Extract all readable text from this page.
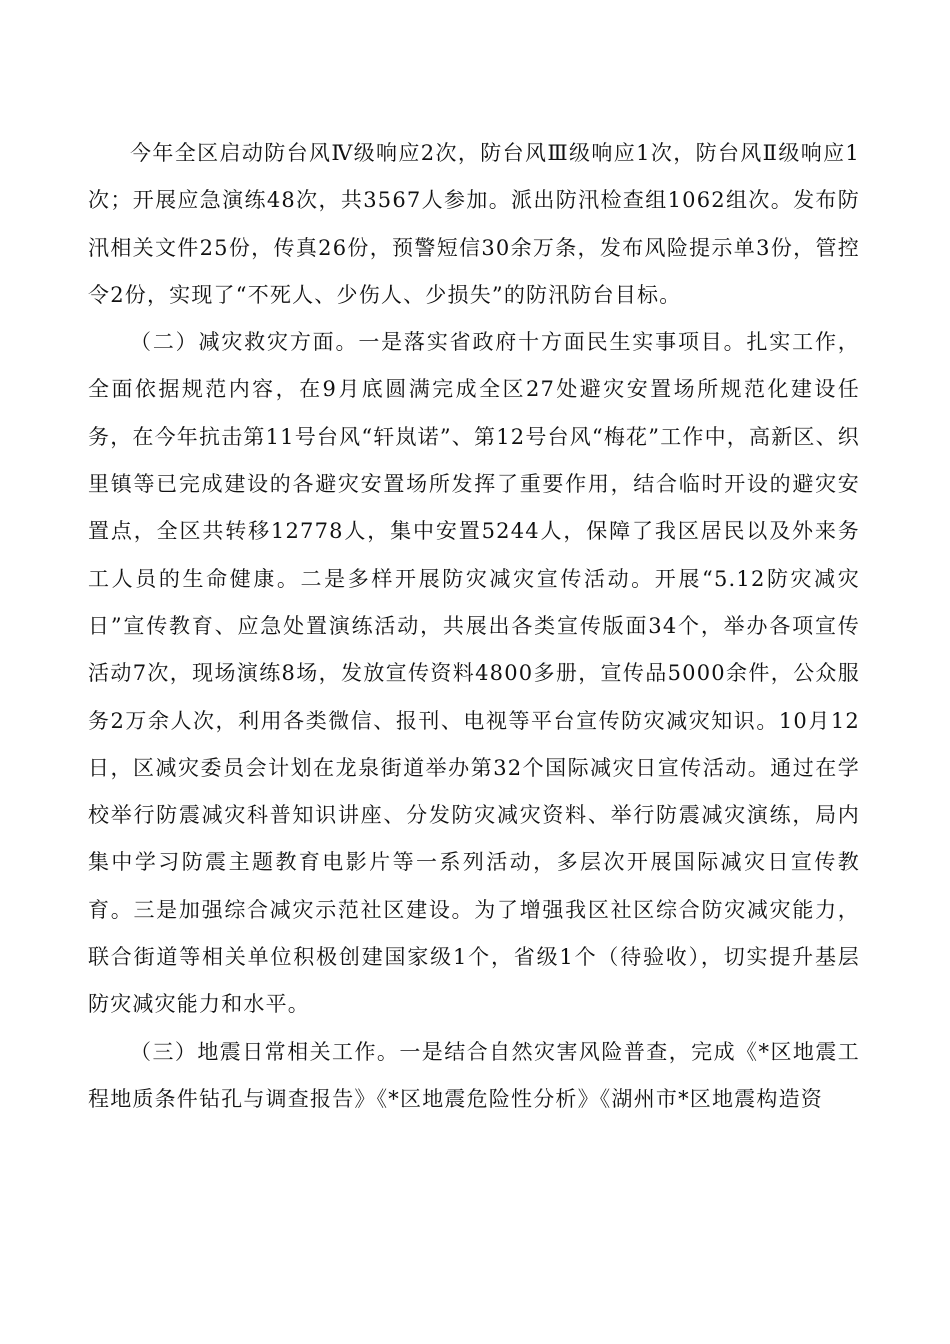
今年全区启动防台风Ⅳ级响应2次，防台风Ⅲ级响应1次，防台风Ⅱ级响应1次；开展应急演练48次，共3567人参加。派出防汛检查组1062组次。发布防汛相关文件25份，传真26份，预警短信30余万条，发布风险提示单3份，管控令2份，实现了“不死人、少伤人、少损失”的防汛防台目标。

（二）减灾救灾方面。一是落实省政府十方面民生实事项目。扎实工作，全面依据规范内容，在9月底圆满完成全区27处避灾安置场所规范化建设任务，在今年抗击第11号台风“轩岚诺”、第12号台风“梅花”工作中，高新区、织里镇等已完成建设的各避灾安置场所发挥了重要作用，结合临时开设的避灾安置点，全区共转移12778人，集中安置5244人，保障了我区居民以及外来务工人员的生命健康。二是多样开展防灾减灾宣传活动。开展“5.12防灾减灾日”宣传教育、应急处置演练活动，共展出各类宣传版面34个，举办各项宣传活动7次，现场演练8场，发放宣传资料4800多册，宣传品5000余件，公众服务2万余人次，利用各类微信、报刊、电视等平台宣传防灾减灾知识。10月12日，区减灾委员会计划在龙泉街道举办第32个国际减灾日宣传活动。通过在学校举行防震减灾科普知识讲座、分发防灾减灾资料、举行防震减灾演练，局内集中学习防震主题教育电影片等一系列活动，多层次开展国际减灾日宣传教育。三是加强综合减灾示范社区建设。为了增强我区社区综合防灾减灾能力，联合街道等相关单位积极创建国家级1个，省级1个（待验收），切实提升基层防灾减灾能力和水平。

（三）地震日常相关工作。一是结合自然灾害风险普查，完成《*区地震工程地质条件钻孔与调查报告》《*区地震危险性分析》《湖州市*区地震构造资
